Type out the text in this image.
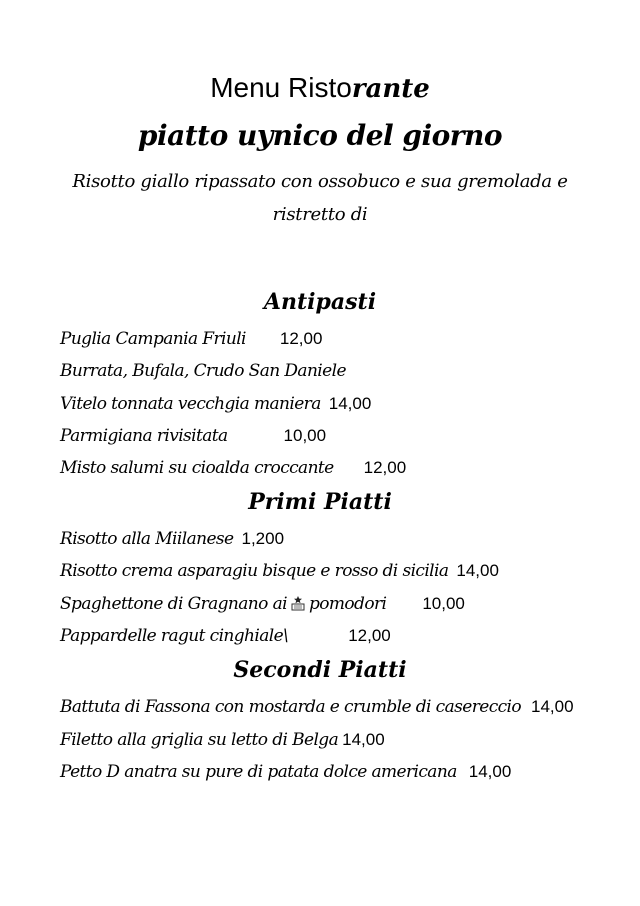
Menu Ristorante
piatto uynico del giorno
Risotto giallo ripassato con ossobuco e sua gremolada e
ristretto di
Antipasti
Puglia Campania Friuli 12,00
Burrata, Bufala, Crudo San Daniele
Vitelo tonnata vecchgia maniera 14,00
Parmigiana rivisitata	10,00
Misto salumi su cioalda croccante 12,00
Primi Piatti
Risotto alla Miilanese 1,200
Risotto crema asparagiu bisque e rosso di sicilia 14,00
Spaghettone di Gragnano ai pomodori 10,00
Pappardelle ragut cinghiale\	12,00
Secondi Piatti
Battuta di Fassona con mostarda e crumble di casereccio 14,00
Filetto alla griglia su letto di Belga 14,00
Petto D anatra su pure di patata dolce americana 14,00
